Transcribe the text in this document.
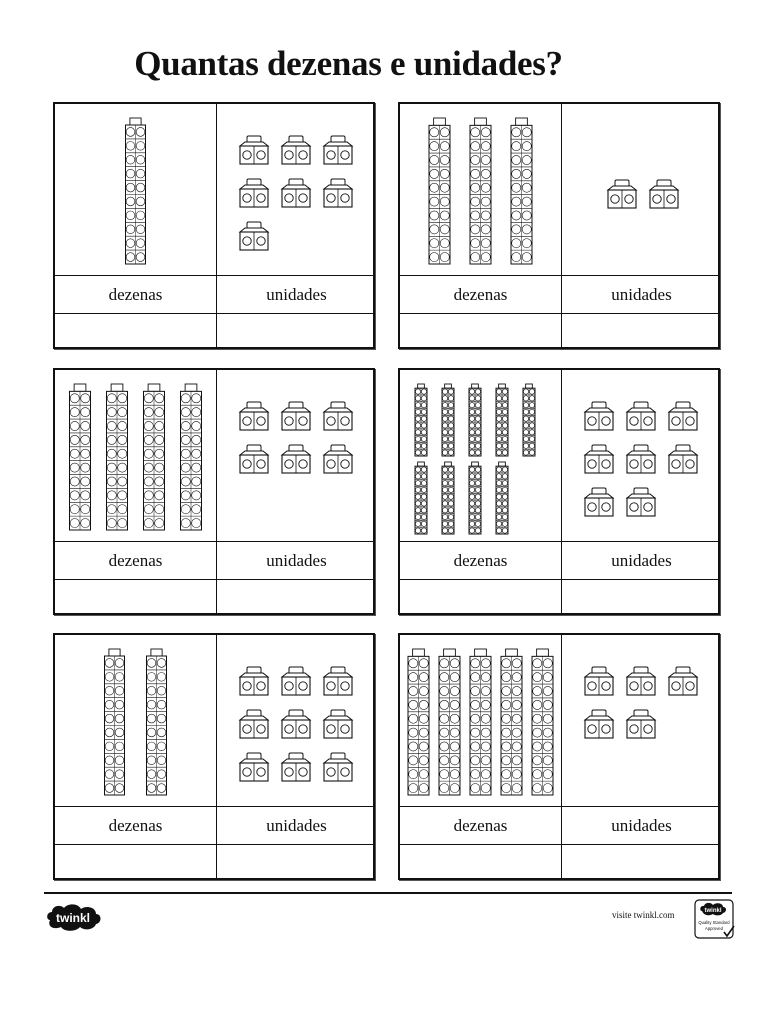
Quantas dezenas e unidades?
dezenas	unidades	dezenas	unidades
dezenas	unidades	dezenas	unidades
dezenas	unidades	dezenas	unidades
twinkl	visite twinkl.com	twinkl
Quality Standard
Approved
